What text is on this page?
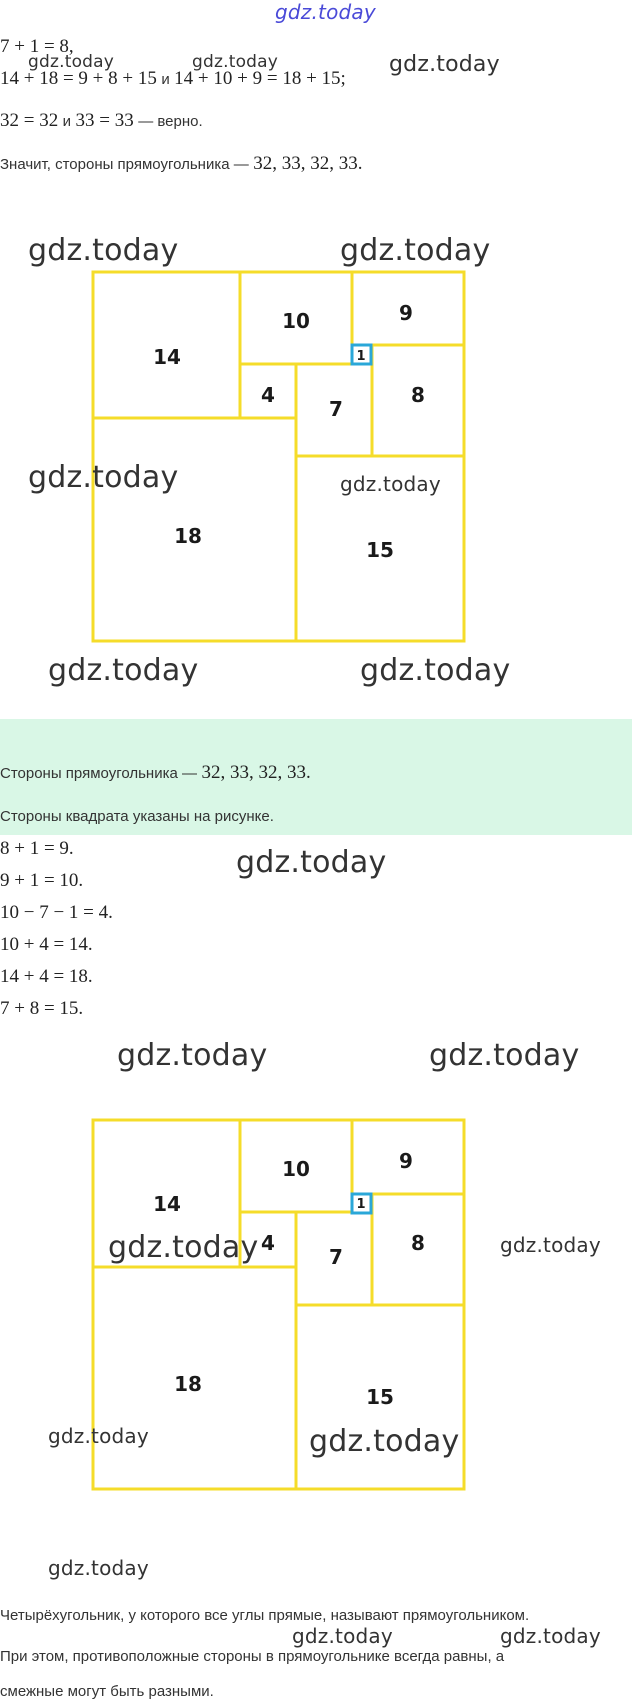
gdz.today
7 + 1 = 8,
gdz.today	gdz.today	gdz.today
14 + 18 = 9 + 8 + 15 и 14 + 10 + 9 = 18 + 15;
32 = 32 и 33 = 33 — верно.
Значит, стороны прямоугольника — 32, 33, 32, 33.
gdz.today	gdz.today
14
10	9
1
4
7
8
18
15
gdz.today	gdz.today
gdz.today	gdz.today
Стороны прямоугольника — 32, 33, 32, 33.
Стороны квадрата указаны на рисунке.
8 + 1 = 9.	gdz.today
9 + 1 = 10.
10 − 7 − 1 = 4.
10 + 4 = 14.
14 + 4 = 18.
7 + 8 = 15.
gdz.today	gdz.today
14
10	9
1
4
7
8
18
15
gdz.today	gdz.today
gdz.today	gdz.today
gdz.today
Четырёхугольник, у которого все углы прямые, называют прямоугольником.
gdz.today	gdz.today
При этом, противоположные стороны в прямоугольнике всегда равны, а
смежные могут быть разными.
